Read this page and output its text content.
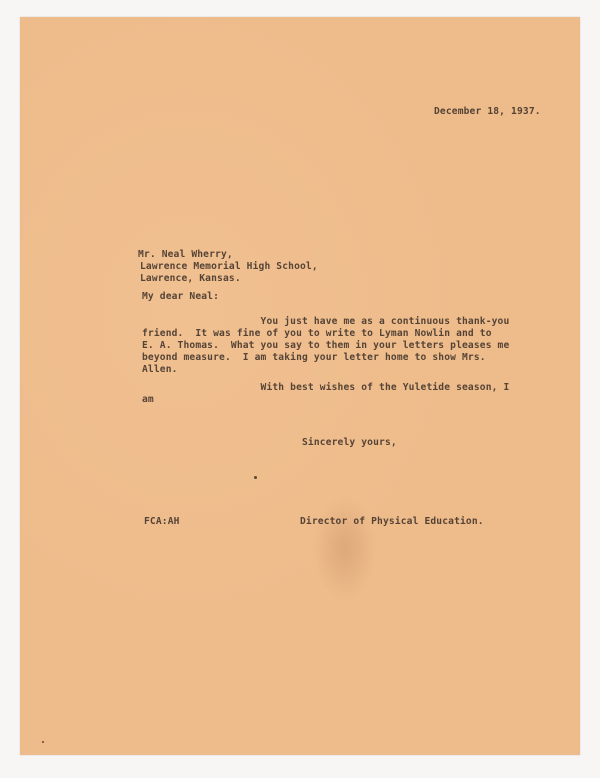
December 18, 1937.
Mr. Neal Wherry,
Lawrence Memorial High School,
Lawrence, Kansas.
My dear Neal:
You just have me as a continuous thank-you
friend.  It was fine of you to write to Lyman Nowlin and to
E. A. Thomas.  What you say to them in your letters pleases me
beyond measure.  I am taking your letter home to show Mrs.
Allen.
With best wishes of the Yuletide season, I
am
Sincerely yours,
FCA:AH	Director of Physical Education.
